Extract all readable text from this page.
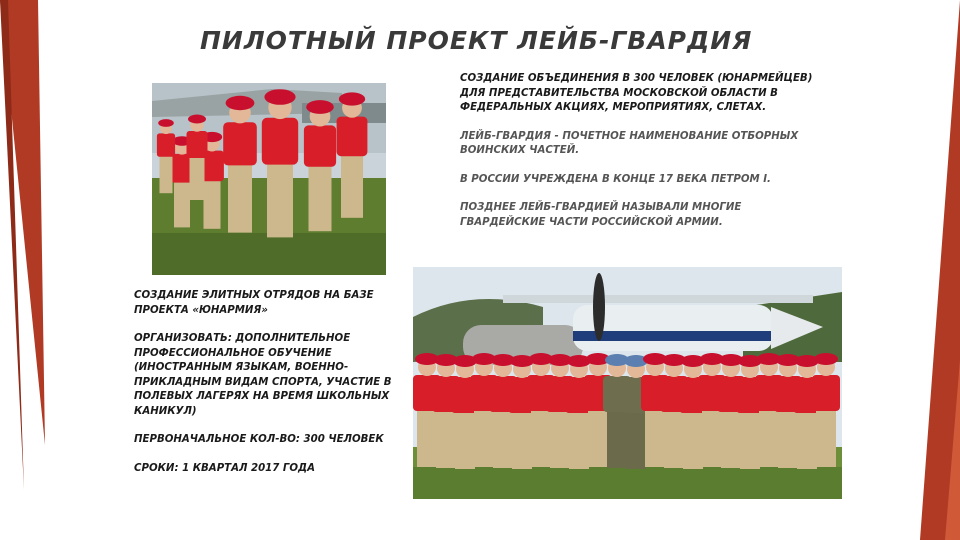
ПИЛОТНЫЙ ПРОЕКТ ЛЕЙБ-ГВАРДИЯ

СОЗДАНИЕ ОБЪЕДИНЕНИЯ В 300 ЧЕЛОВЕК (ЮНАРМЕЙЦЕВ) ДЛЯ ПРЕДСТАВИТЕЛЬСТВА МОСКОВСКОЙ ОБЛАСТИ В ФЕДЕРАЛЬНЫХ АКЦИЯХ, МЕРОПРИЯТИЯХ, СЛЕТАХ.

ЛЕЙБ-ГВАРДИЯ - ПОЧЕТНОЕ НАИМЕНОВАНИЕ ОТБОРНЫХ ВОИНСКИХ ЧАСТЕЙ.

В РОССИИ УЧРЕЖДЕНА В КОНЦЕ 17 ВЕКА ПЕТРОМ I.

ПОЗДНЕЕ ЛЕЙБ-ГВАРДИЕЙ НАЗЫВАЛИ МНОГИЕ ГВАРДЕЙСКИЕ ЧАСТИ РОССИЙСКОЙ АРМИИ.

СОЗДАНИЕ ЭЛИТНЫХ ОТРЯДОВ НА БАЗЕ ПРОЕКТА «ЮНАРМИЯ»

ОРГАНИЗОВАТЬ: ДОПОЛНИТЕЛЬНОЕ ПРОФЕССИОНАЛЬНОЕ ОБУЧЕНИЕ (ИНОСТРАННЫМ ЯЗЫКАМ, ВОЕННО-ПРИКЛАДНЫМ ВИДАМ СПОРТА, УЧАСТИЕ В ПОЛЕВЫХ ЛАГЕРЯХ НА ВРЕМЯ ШКОЛЬНЫХ КАНИКУЛ)

ПЕРВОНАЧАЛЬНОЕ КОЛ-ВО: 300 ЧЕЛОВЕК

СРОКИ: 1 КВАРТАЛ 2017 ГОДА
